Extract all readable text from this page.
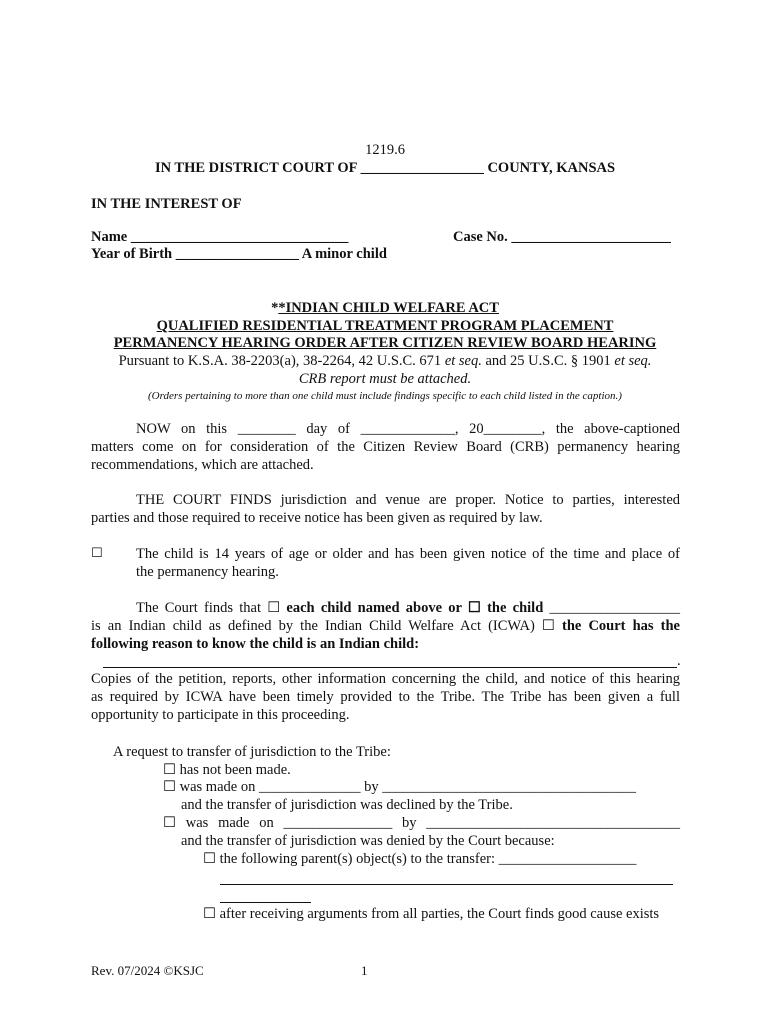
1219.6
IN THE DISTRICT COURT OF _________________ COUNTY, KANSAS
IN THE INTEREST OF
Name ______________________________	Case No. ______________________
Year of Birth _________________ A minor child
**INDIAN CHILD WELFARE ACT
QUALIFIED RESIDENTIAL TREATMENT PROGRAM PLACEMENT
PERMANENCY HEARING ORDER AFTER CITIZEN REVIEW BOARD HEARING
Pursuant to K.S.A. 38-2203(a), 38-2264, 42 U.S.C. 671 et seq. and 25 U.S.C. § 1901 et seq.
CRB report must be attached.
(Orders pertaining to more than one child must include findings specific to each child listed in the caption.)
NOW on this ________ day of _____________, 20________, the above-captioned
matters come on for consideration of the Citizen Review Board (CRB) permanency hearing
recommendations, which are attached.
THE COURT FINDS jurisdiction and venue are proper. Notice to parties, interested
parties and those required to receive notice has been given as required by law.
☐ The child is 14 years of age or older and has been given notice of the time and place of
the permanency hearing.
The Court finds that ☐ each child named above or ☐ the child __________________
is an Indian child as defined by the Indian Child Welfare Act (ICWA) ☐ the Court has the
following reason to know the child is an Indian child:
.
Copies of the petition, reports, other information concerning the child, and notice of this hearing
as required by ICWA have been timely provided to the Tribe. The Tribe has been given a full
opportunity to participate in this proceeding.
A request to transfer of jurisdiction to the Tribe:
☐ has not been made.
☐ was made on ______________ by ___________________________________
and the transfer of jurisdiction was declined by the Tribe.
☐ was made on _______________ by ___________________________________
and the transfer of jurisdiction was denied by the Court because:
☐ the following parent(s) object(s) to the transfer: ___________________
☐ after receiving arguments from all parties, the Court finds good cause exists
Rev. 07/2024 ©KSJC	1
